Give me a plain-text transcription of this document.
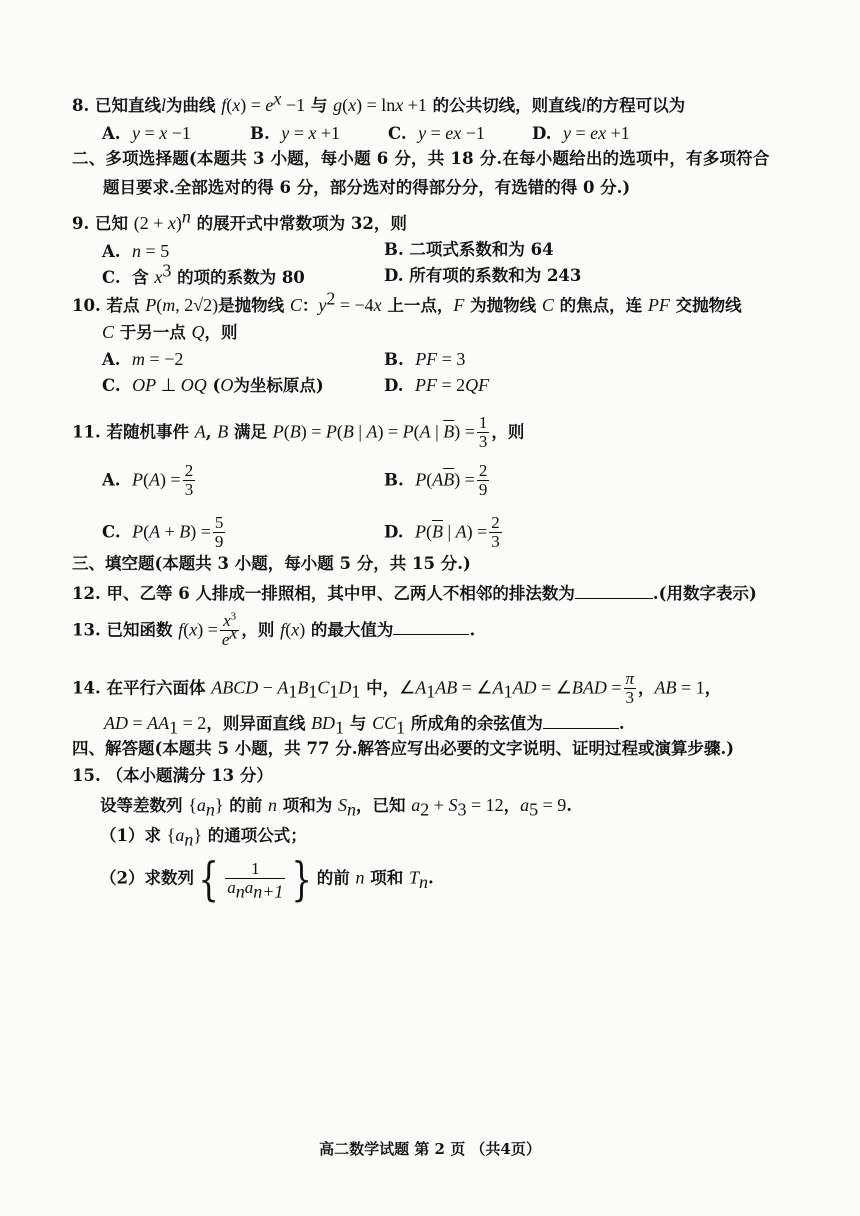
8. 已知直线l为曲线 $f(x) = e^x -1$ 与 g(x) = lnx +1 的公共切线，则直线l的方程可以为
A.  y = x −1	B.  y = x +1	C.  y = ex −1	D.  y = ex +1
二、多项选择题(本题共 3 小题，每小题 6 分，共 18 分.在每小题给出的选项中，有多项符合
题目要求.全部选对的得 6 分，部分选对的得部分分，有选错的得 0 分.)
9. 已知 $(2 + x)^n$ 的展开式中常数项为 32，则
A.  n = 5	B. 二项式系数和为 64
C.  含 $x^3$ 的项的系数为 80	D. 所有项的系数和为 243
10. 若点 P(m, 2√2)是抛物线 C：$y^2 = -4x$ 上一点，F 为抛物线 C 的焦点，连 PF 交抛物线
C 于另一点 Q，则
A.  m = −2	B.  PF = 3
C.  OP ⊥ OQ (O为坐标原点)	D.  PF = 2QF
11. 若随机事件 A, B 满足 P(B) = P(B | A) = P(A | $\overline{B}) = \frac{1}{3}$ ，则
A.  $P(A) = \frac{2}{3}$	B.  $P(A\overline{B}) = \frac{2}{9}$
C.  $P(A + B) = \frac{5}{9}$	D.  $P(\overline{B}$ | $A) = \frac{2}{3}$
三、填空题(本题共 3 小题，每小题 5 分，共 15 分.)
12. 甲、乙等 6 人排成一排照相，其中甲、乙两人不相邻的排法数为	.(用数字表示)
13. 已知函数 $f(x) = \frac{x^3}{e^x}$ ，则 f(x) 的最大值为	.
14. 在平行六面体 ABCD − $A_1B_1C_1D_1$ 中，$\angle A_1AB$ = $\angle A_1AD$ = ∠BAD = $\frac{\pi}{3}$ ，AB = 1，
AD = $AA_1 = 2$，则异面直线 $BD_1$ 与 $CC_1$ 所成角的余弦值为	.
四、解答题(本题共 5 小题，共 77 分.解答应写出必要的文字说明、证明过程或演算步骤.)
15. （本小题满分 13 分）
设等差数列 $\{a_n\}$ 的前 n 项和为 $S_n$，已知 $a_2 + S_3 = 12$，$a_5 = 9$.
（1）求 $\{a_n\}$ 的通项公式；
（2）求数列{ $\frac{1}{a_na_{n+1}}$ } 的前 n 项和 $T_n$.
高二数学试题 第 2 页 （共4页）
